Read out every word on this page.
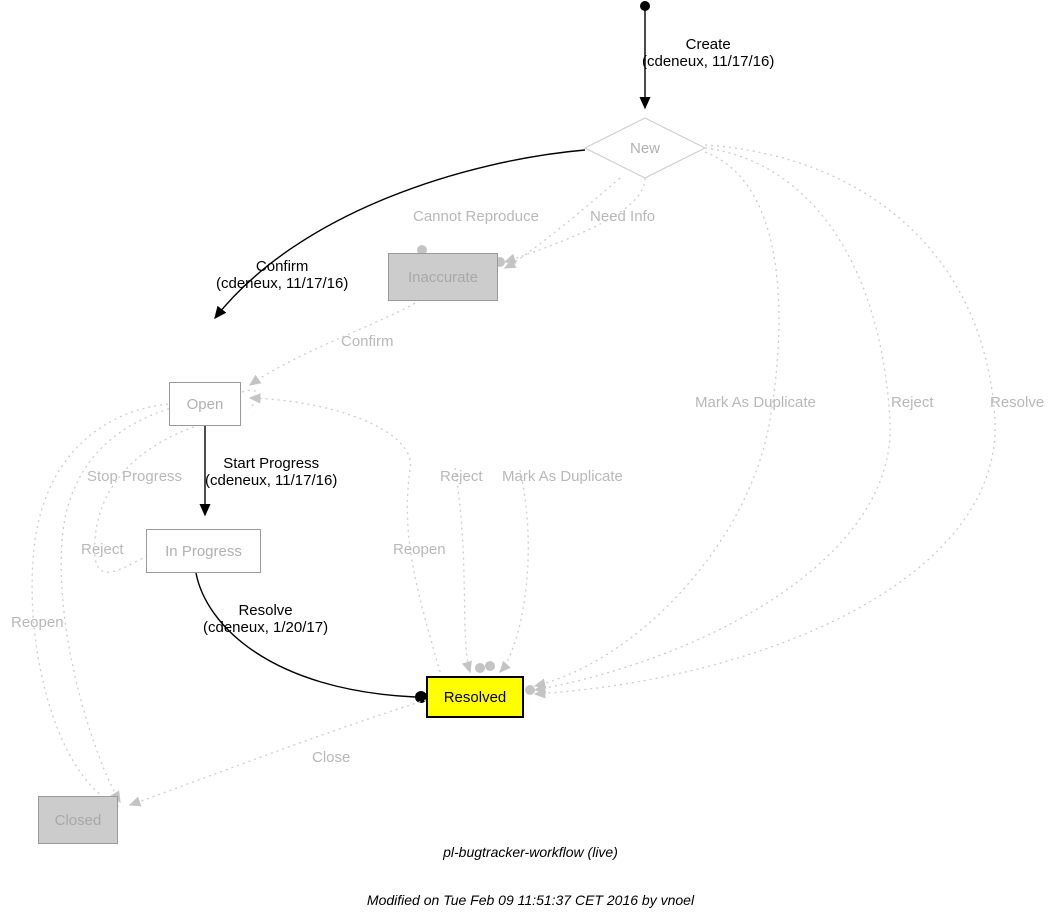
New
Inaccurate
Open
In Progress
Resolved
Closed
Create
(cdeneux, 11/17/16)
Confirm
(cdeneux, 11/17/16)
Start Progress
(cdeneux, 11/17/16)
Resolve
(cdeneux, 1/20/17)
Cannot Reproduce	Need Info
Confirm
Mark As Duplicate	Reject	Resolve
Stop Progress	Reject Mark As Duplicate
Reject	Reopen
Reopen
Close
pl-bugtracker-workflow (live)
Modified on Tue Feb 09 11:51:37 CET 2016 by vnoel
